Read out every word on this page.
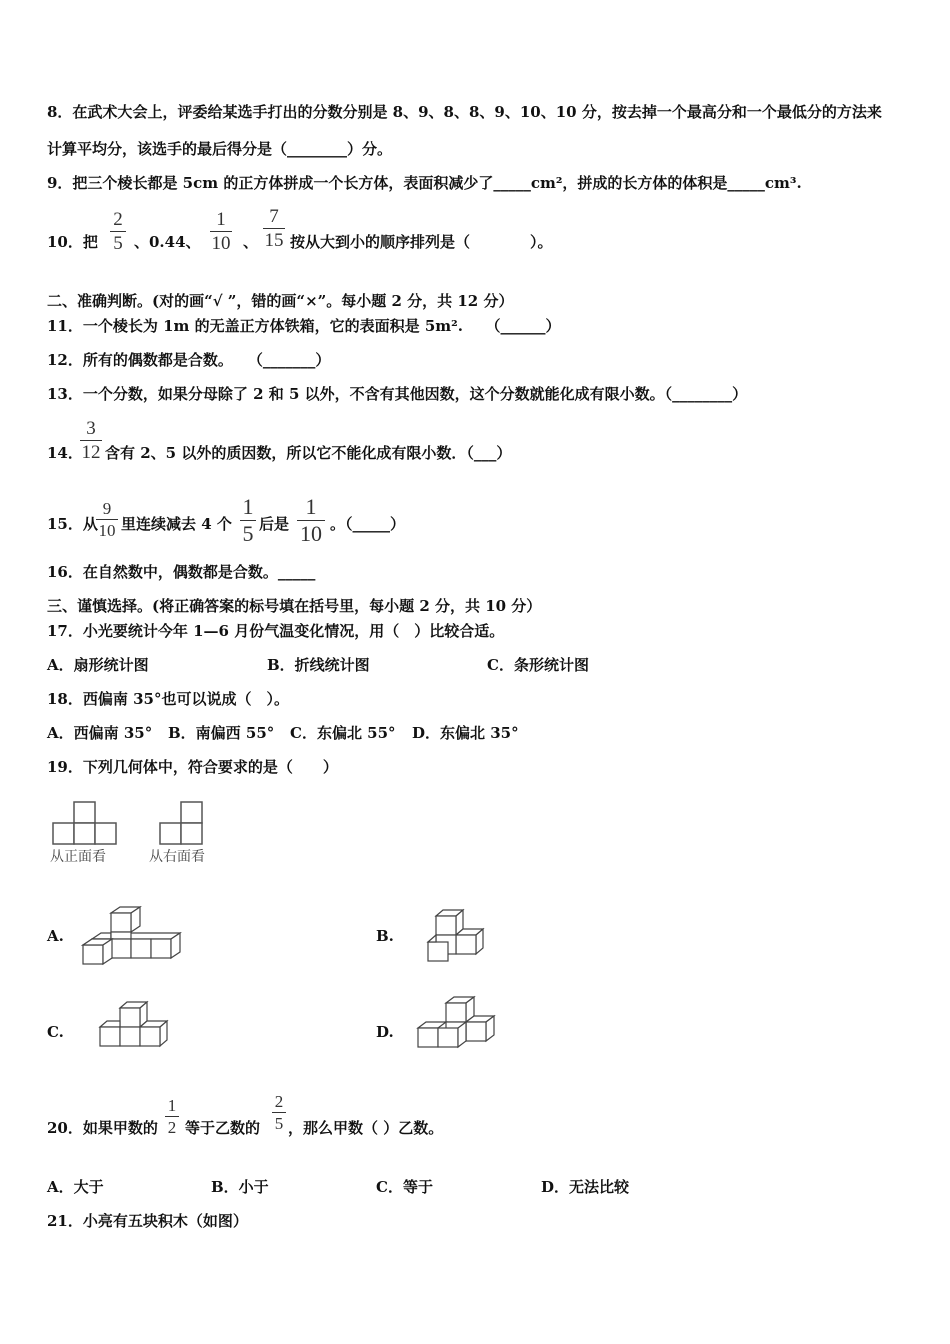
8．在武术大会上，评委给某选手打出的分数分别是 8、9、8、8、9、10、10 分，按去掉一个最高分和一个最低分的方法来
计算平均分，该选手的最后得分是（________）分。
9．把三个棱长都是 5cm 的正方体拼成一个长方体，表面积减少了_____cm²，拼成的长方体的体积是_____cm³.
10．把
2
5 、0.44、
1
10 、
7
15 按从大到小的顺序排列是（　　　　）。
二、准确判断。(对的画“√ ”，错的画“×”。每小题 2 分，共 12 分）
11．一个棱长为 1m 的无盖正方体铁箱，它的表面积是 5m².　　（______）
12．所有的偶数都是合数。　　（_______）
13．一个分数，如果分母除了 2 和 5 以外，不含有其他因数，这个分数就能化成有限小数。（________）
14．
3
12 含有 2、5 以外的质因数，所以它不能化成有限小数．（___）
15．从
9
10 里连续减去 4 个
1
5 后是
1
10 。（_____）
16．在自然数中，偶数都是合数。_____
三、谨慎选择。(将正确答案的标号填在括号里，每小题 2 分，共 10 分）
17．小光要统计今年 1—6 月份气温变化情况，用（　）比较合适。
A．扇形统计图	B．折线统计图	C．条形统计图
18．西偏南 35°也可以说成（　）。
A．西偏南 35° B．南偏西 55° C．东偏北 55° D．东偏北 35°
19．下列几何体中，符合要求的是（　　）
从正面看	从右面看
A.	B.
C.	D.
20．如果甲数的
1
2 等于乙数的
2
5 ，那么甲数（ ）乙数。
A．大于	B．小于	C．等于	D．无法比较
21．小亮有五块积木（如图）
